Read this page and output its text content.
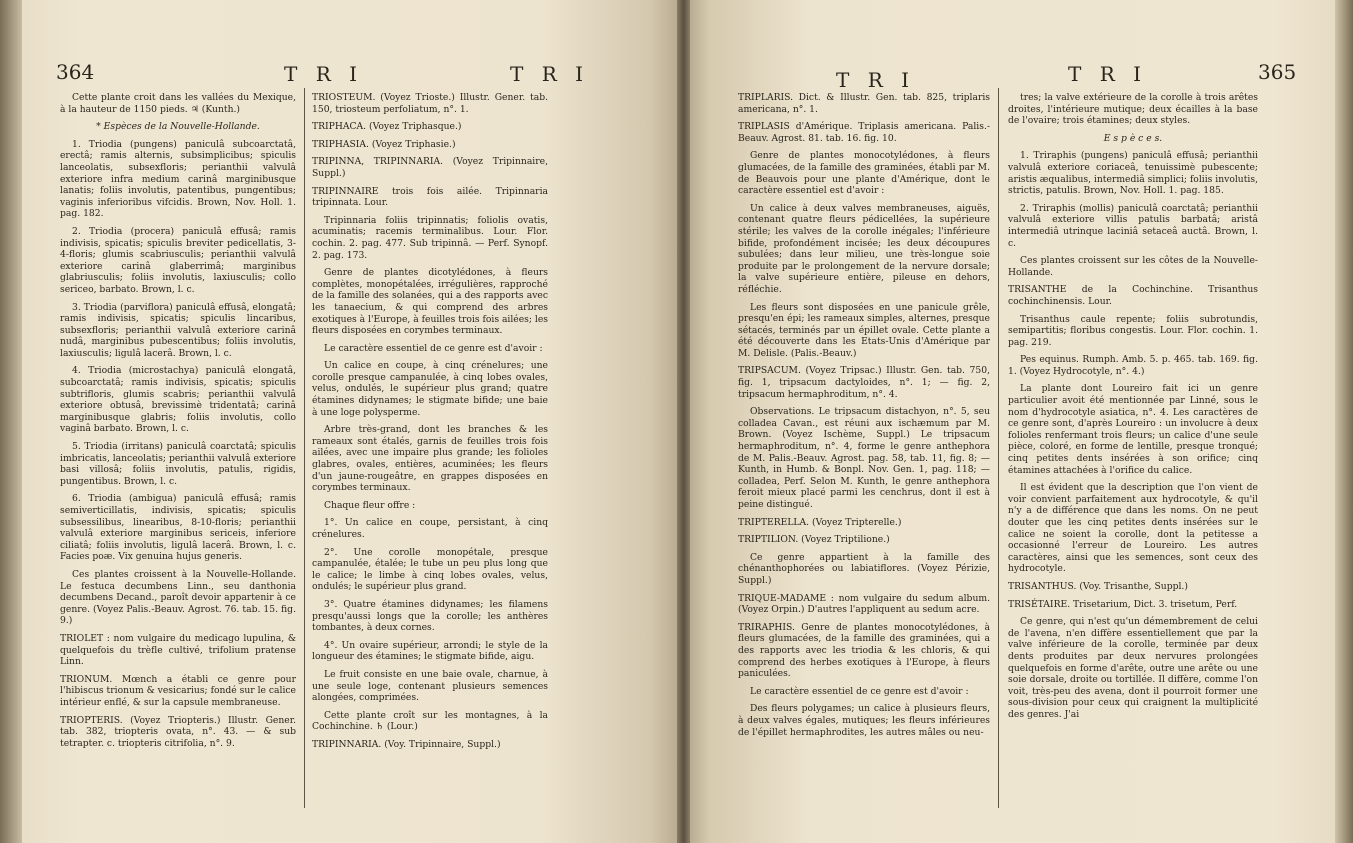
364	T R I	T R I

Cette plante croit dans les vallées du Mexique, à la hauteur de 1150 pieds. ♃ (Kunth.)

* Espèces de la Nouvelle-Hollande.

1. Triodia (pungens) paniculâ subcoarctatâ, erectâ; ramis alternis, subsimplicibus; spiculis lanceolatis, subsexfloris; perianthii valvulâ exteriore infra medium carinâ marginibusque lanatis; foliis involutis, patentibus, pungentibus; vaginis inferioribus vifcidis. Brown, Nov. Holl. 1. pag. 182.

2. Triodia (procera) paniculâ effusâ; ramis indivisis, spicatis; spiculis breviter pedicellatis, 3-4-floris; glumis scabriusculis; perianthii valvulâ exteriore carinâ glaberrimâ; marginibus glabriusculis; foliis involutis, laxiusculis; collo sericeo, barbato. Brown, l. c.

3. Triodia (parviflora) paniculâ effusâ, elongatâ; ramis indivisis, spicatis; spiculis lincaribus, subsexfloris; perianthii valvulâ exteriore carinâ nudâ, marginibus pubescentibus; foliis involutis, laxiusculis; ligulâ lacerâ. Brown, l. c.

4. Triodia (microstachya) paniculâ elongatâ, subcoarctatâ; ramis indivisis, spicatis; spiculis subtrifloris, glumis scabris; perianthii valvulâ exteriore obtusâ, brevissimè tridentatâ; carinâ marginibusque glabris; foliis involutis, collo vaginâ barbato. Brown, l. c.

5. Triodia (irritans) paniculâ coarctatâ; spiculis imbricatis, lanceolatis; perianthii valvulâ exteriore basi villosâ; foliis involutis, patulis, rigidis, pungentibus. Brown, l. c.

6. Triodia (ambigua) paniculâ effusâ; ramis semiverticillatis, indivisis, spicatis; spiculis subsessilibus, linearibus, 8-10-floris; perianthii valvulâ exteriore marginibus sericeis, inferiore ciliatâ; foliis involutis, ligulâ lacerâ. Brown, l. c. Facies poæ. Vix genuina hujus generis.

Ces plantes croissent à la Nouvelle-Hollande. Le festuca decumbens Linn., seu danthonia decumbens Decand., paroît devoir appartenir à ce genre. (Voyez Palis.-Beauv. Agrost. 76. tab. 15. fig. 9.)

TRIOLET : nom vulgaire du medicago lupulina, & quelquefois du trèfle cultivé, trifolium pratense Linn.

TRIONUM. Mœnch a établi ce genre pour l'hibiscus trionum & vesicarius; fondé sur le calice intérieur enflé, & sur la capsule membraneuse.

TRIOPTERIS. (Voyez Triopteris.) Illustr. Gener. tab. 382, triopteris ovata, n°. 43. — & sub tetrapter. c. triopteris citrifolia, n°. 9.

TRIOSTEUM. (Voyez Trioste.) Illustr. Gener. tab. 150, triosteum perfoliatum, n°. 1.

TRIPHACA. (Voyez Triphasque.)

TRIPHASIA. (Voyez Triphasie.)

TRIPINNA, TRIPINNARIA. (Voyez Tripinnaire, Suppl.)

TRIPINNAIRE trois fois ailée. Tripinnaria tripinnata. Lour.

Tripinnaria foliis tripinnatis; foliolis ovatis, acuminatis; racemis terminalibus. Lour. Flor. cochin. 2. pag. 477. Sub tripinnâ. — Perf. Synopf. 2. pag. 173.

Genre de plantes dicotylédones, à fleurs complètes, monopétalées, irrégulières, rapproché de la famille des solanées, qui a des rapports avec les tanaecium, & qui comprend des arbres exotiques à l'Europe, à feuilles trois fois ailées; les fleurs disposées en corymbes terminaux.

Le caractère essentiel de ce genre est d'avoir :

Un calice en coupe, à cinq crénelures; une corolle presque campanulée, à cinq lobes ovales, velus, ondulés, le supérieur plus grand; quatre étamines didynames; le stigmate bifide; une baie à une loge polysperme.

Arbre très-grand, dont les branches & les rameaux sont étalés, garnis de feuilles trois fois ailées, avec une impaire plus grande; les folioles glabres, ovales, entières, acuminées; les fleurs d'un jaune-rougeâtre, en grappes disposées en corymbes terminaux.

Chaque fleur offre :

1°. Un calice en coupe, persistant, à cinq crénelures.

2°. Une corolle monopétale, presque campanulée, étalée; le tube un peu plus long que le calice; le limbe à cinq lobes ovales, velus, ondulés; le supérieur plus grand.

3°. Quatre étamines didynames; les filamens presqu'aussi longs que la corolle; les anthères tombantes, à deux cornes.

4°. Un ovaire supérieur, arrondi; le style de la longueur des étamines; le stigmate bifide, aigu.

Le fruit consiste en une baie ovale, charnue, à une seule loge, contenant plusieurs semences alongées, comprimées.

Cette plante croît sur les montagnes, à la Cochinchine. ♄ (Lour.)

TRIPINNARIA. (Voy. Tripinnaire, Suppl.)

T R I	T R I	365

TRIPLARIS. Dict. & Illustr. Gen. tab. 825, triplaris americana, n°. 1.

TRIPLASIS d'Amérique. Triplasis americana. Palis.-Beauv. Agrost. 81. tab. 16. fig. 10.

Genre de plantes monocotylédones, à fleurs glumacées, de la famille des graminées, établi par M. de Beauvois pour une plante d'Amérique, dont le caractère essentiel est d'avoir :

Un calice à deux valves membraneuses, aiguës, contenant quatre fleurs pédicellées, la supérieure stérile; les valves de la corolle inégales; l'inférieure bifide, profondément incisée; les deux découpures subulées; dans leur milieu, une très-longue soie produite par le prolongement de la nervure dorsale; la valve supérieure entière, pileuse en dehors, réfléchie.

Les fleurs sont disposées en une panicule grêle, presqu'en épi; les rameaux simples, alternes, presque sétacés, terminés par un épillet ovale. Cette plante a été découverte dans les Etats-Unis d'Amérique par M. Delisle. (Palis.-Beauv.)

TRIPSACUM. (Voyez Tripsac.) Illustr. Gen. tab. 750, fig. 1, tripsacum dactyloides, n°. 1; — fig. 2, tripsacum hermaphroditum, n°. 4.

Observations. Le tripsacum distachyon, n°. 5, seu colladea Cavan., est réuni aux ischæmum par M. Brown. (Voyez Ischème, Suppl.) Le tripsacum hermaphroditum, n°. 4, forme le genre anthephora de M. Palis.-Beauv. Agrost. pag. 58, tab. 11, fig. 8; — Kunth, in Humb. & Bonpl. Nov. Gen. 1, pag. 118; — colladea, Perf. Selon M. Kunth, le genre anthephora feroit mieux placé parmi les cenchrus, dont il est à peine distingué.

TRIPTERELLA. (Voyez Tripterelle.)

TRIPTILION. (Voyez Triptilione.)

Ce genre appartient à la famille des chénanthophorées ou labiatiflores. (Voyez Périzie, Suppl.)

TRIQUE-MADAME : nom vulgaire du sedum album. (Voyez Orpin.) D'autres l'appliquent au sedum acre.

TRIRAPHIS. Genre de plantes monocotylédones, à fleurs glumacées, de la famille des graminées, qui a des rapports avec les triodia & les chloris, & qui comprend des herbes exotiques à l'Europe, à fleurs paniculées.

Le caractère essentiel de ce genre est d'avoir :

Des fleurs polygames; un calice à plusieurs fleurs, à deux valves égales, mutiques; les fleurs inférieures de l'épillet hermaphrodites, les autres mâles ou neu-

tres; la valve extérieure de la corolle à trois arêtes droites, l'intérieure mutique; deux écailles à la base de l'ovaire; trois étamines; deux styles.

E s p è c e s.

1. Triraphis (pungens) paniculâ effusâ; perianthii valvulâ exteriore coriaceâ, tenuissimè pubescente; aristis æqualibus, intermediâ simplici; foliis involutis, strictis, patulis. Brown, Nov. Holl. 1. pag. 185.

2. Triraphis (mollis) paniculâ coarctatâ; perianthii valvulâ exteriore villis patulis barbatâ; aristâ intermediâ utrinque laciniâ setaceâ auctâ. Brown, l. c.

Ces plantes croissent sur les côtes de la Nouvelle-Hollande.

TRISANTHE de la Cochinchine. Trisanthus cochinchinensis. Lour.

Trisanthus caule repente; foliis subrotundis, semipartitis; floribus congestis. Lour. Flor. cochin. 1. pag. 219.

Pes equinus. Rumph. Amb. 5. p. 465. tab. 169. fig. 1. (Voyez Hydrocotyle, n°. 4.)

La plante dont Loureiro fait ici un genre particulier avoit été mentionnée par Linné, sous le nom d'hydrocotyle asiatica, n°. 4. Les caractères de ce genre sont, d'après Loureiro : un involucre à deux folioles renfermant trois fleurs; un calice d'une seule pièce, coloré, en forme de lentille, presque tronqué; cinq petites dents insérées à son orifice; cinq étamines attachées à l'orifice du calice.

Il est évident que la description que l'on vient de voir convient parfaitement aux hydrocotyle, & qu'il n'y a de différence que dans les noms. On ne peut douter que les cinq petites dents insérées sur le calice ne soient la corolle, dont la petitesse a occasionné l'erreur de Loureiro. Les autres caractères, ainsi que les semences, sont ceux des hydrocotyle.

TRISANTHUS. (Voy. Trisanthe, Suppl.)

TRISÉTAIRE. Trisetarium, Dict. 3. trisetum, Perf.

Ce genre, qui n'est qu'un démembrement de celui de l'avena, n'en diffère essentiellement que par la valve inférieure de la corolle, terminée par deux dents produites par deux nervures prolongées quelquefois en forme d'arête, outre une arête ou une soie dorsale, droite ou tortillée. Il diffère, comme l'on voit, très-peu des avena, dont il pourroit former une sous-division pour ceux qui craignent la multiplicité des genres. J'ai
